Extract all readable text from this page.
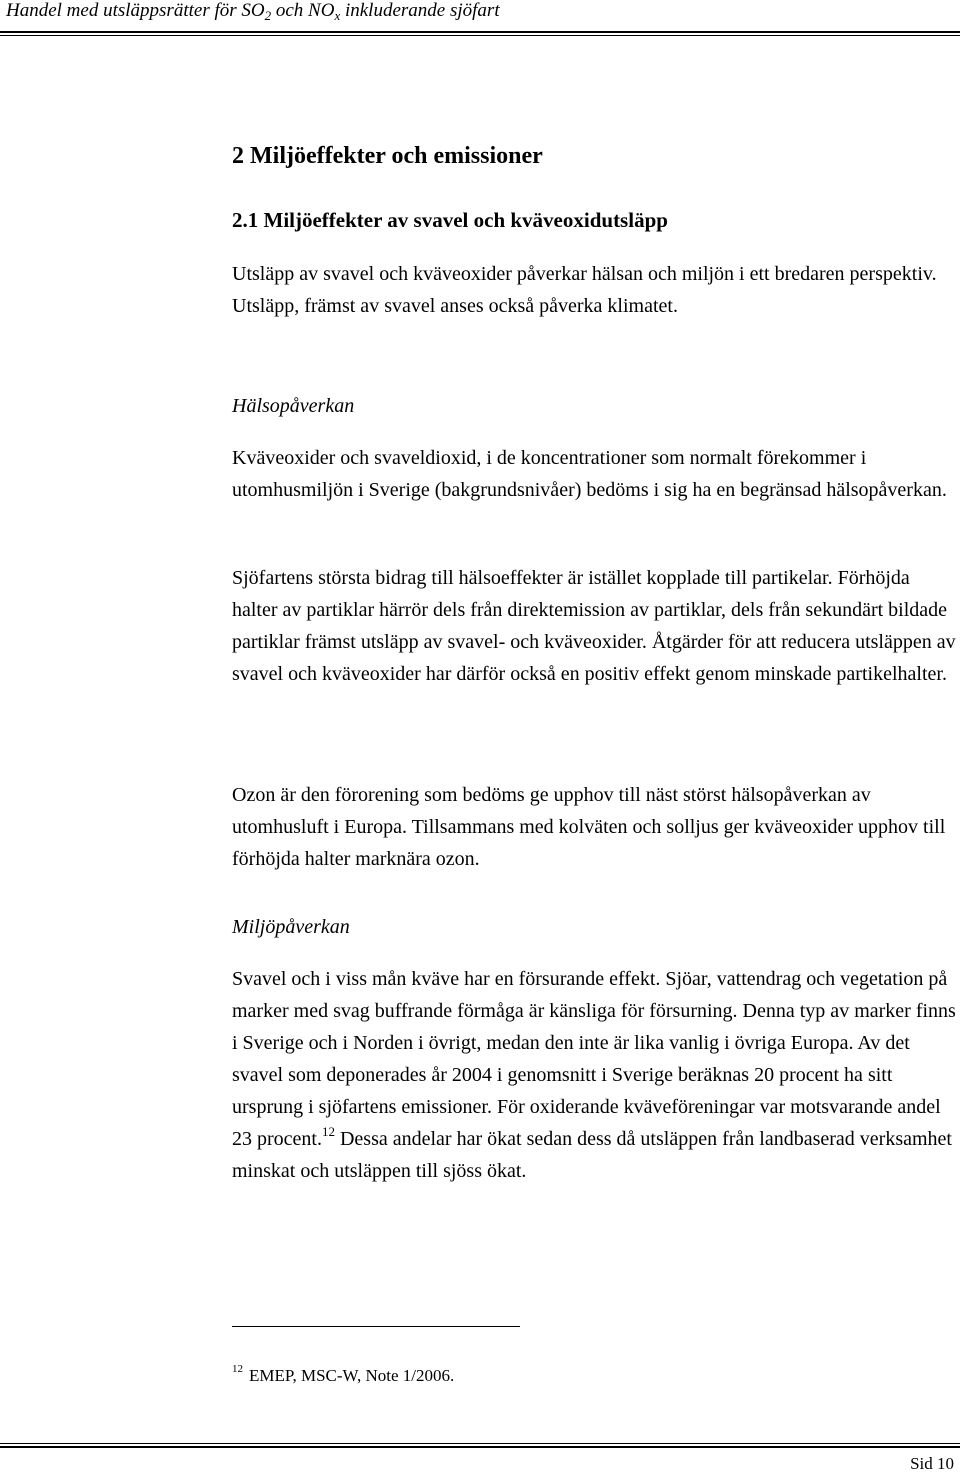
Handel med utsläppsrätter för $SO_2$ och $NO_x$ inkluderande sjöfart
2 Miljöeffekter och emissioner
2.1 Miljöeffekter av svavel och kväveoxidutsläpp

Utsläpp av svavel och kväveoxider påverkar hälsan och miljön i ett bredaren perspektiv. Utsläpp, främst av svavel anses också påverka klimatet.

Hälsopåverkan

Kväveoxider och svaveldioxid, i de koncentrationer som normalt förekommer i utomhusmiljön i Sverige (bakgrundsnivåer) bedöms i sig ha en begränsad hälsopåverkan.

Sjöfartens största bidrag till hälsoeffekter är istället kopplade till partikelar. Förhöjda halter av partiklar härrör dels från direktemission av partiklar, dels från sekundärt bildade partiklar främst utsläpp av svavel- och kväveoxider. Åtgärder för att reducera utsläppen av svavel och kväveoxider har därför också en positiv effekt genom minskade partikelhalter.

Ozon är den förorening som bedöms ge upphov till näst störst hälsopåverkan av utomhusluft i Europa. Tillsammans med kolväten och solljus ger kväveoxider upphov till förhöjda halter marknära ozon.

Miljöpåverkan

Svavel och i viss mån kväve har en försurande effekt. Sjöar, vattendrag och vegetation på marker med svag buffrande förmåga är känsliga för försurning. Denna typ av marker finns i Sverige och i Norden i övrigt, medan den inte är lika vanlig i övriga Europa. Av det svavel som deponerades år 2004 i genomsnitt i Sverige beräknas 20 procent ha sitt ursprung i sjöfartens emissioner. För oxiderande kväveföreningar var motsvarande andel 23 procent.$^{12}$ Dessa andelar har ökat sedan dess då utsläppen från landbaserad verksamhet minskat och utsläppen till sjöss ökat.

$^{12}$ EMEP, MSC-W, Note 1/2006.
Sid 10
